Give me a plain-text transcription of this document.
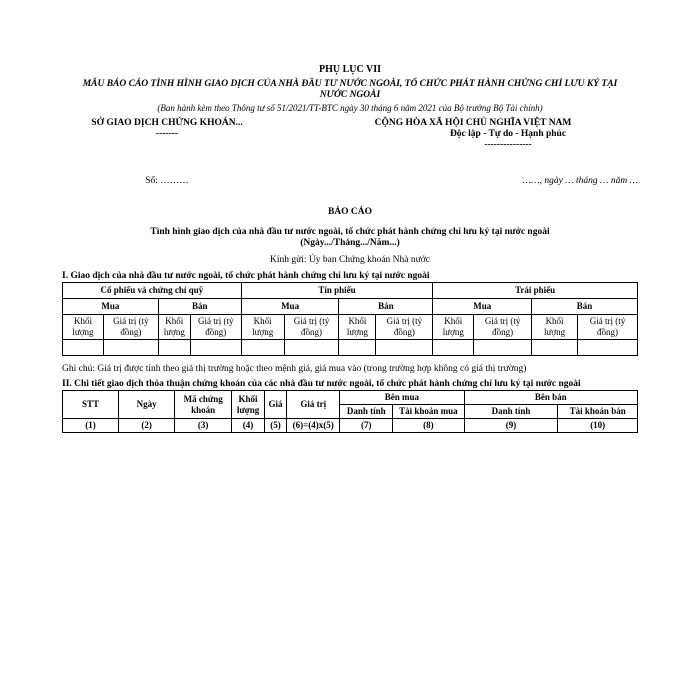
PHỤ LỤC VII
MẪU BÁO CÁO TÌNH HÌNH GIAO DỊCH CỦA NHÀ ĐẦU TƯ NƯỚC NGOÀI, TỔ CHỨC PHÁT HÀNH CHỨNG CHỈ LƯU KÝ TẠI NƯỚC NGOÀI
(Ban hành kèm theo Thông tư số 51/2021/TT-BTC ngày 30 tháng 6 năm 2021 của Bộ trưởng Bộ Tài chính)
SỞ GIAO DỊCH CHỨNG KHOÁN...
-------
CỘNG HÒA XÃ HỘI CHỦ NGHĨA VIỆT NAM
Độc lập - Tự do - Hạnh phúc
---------------
Số: ………	……, ngày … tháng … năm …
BÁO CÁO
Tình hình giao dịch của nhà đầu tư nước ngoài, tổ chức phát hành chứng chỉ lưu ký tại nước ngoài
(Ngày.../Tháng.../Năm...)
Kính gửi: Ủy ban Chứng khoán Nhà nước
I. Giao dịch của nhà đầu tư nước ngoài, tổ chức phát hành chứng chỉ lưu ký tại nước ngoài
Cổ phiếu và chứng chỉ quỹ				Tín phiếu				Trái phiếu			
Mua		Bán		Mua		Bán		Mua		Bán	
Khối lượng	Giá trị (tỷ đồng)	Khối lượng	Giá trị (tỷ đồng)	Khối lượng	Giá trị (tỷ đồng)	Khối lượng	Giá trị (tỷ đồng)	Khối lượng	Giá trị (tỷ đồng)	Khối lượng	Giá trị (tỷ đồng)

Ghi chú: Giá trị được tính theo giá thị trường hoặc theo mệnh giá, giá mua vào (trong trường hợp không có giá thị trường)
II. Chi tiết giao dịch thỏa thuận chứng khoán của các nhà đầu tư nước ngoài, tổ chức phát hành chứng chỉ lưu ký tại nước ngoài
STT	Ngày	Mã chứng khoán	Khối lượng	Giá	Giá trị	Bên mua		Bên bán	
						Danh tính	Tài khoản mua	Danh tính	Tài khoản bán
(1)	(2)	(3)	(4)	(5)	(6)=(4)x(5)	(7)	(8)	(9)	(10)
